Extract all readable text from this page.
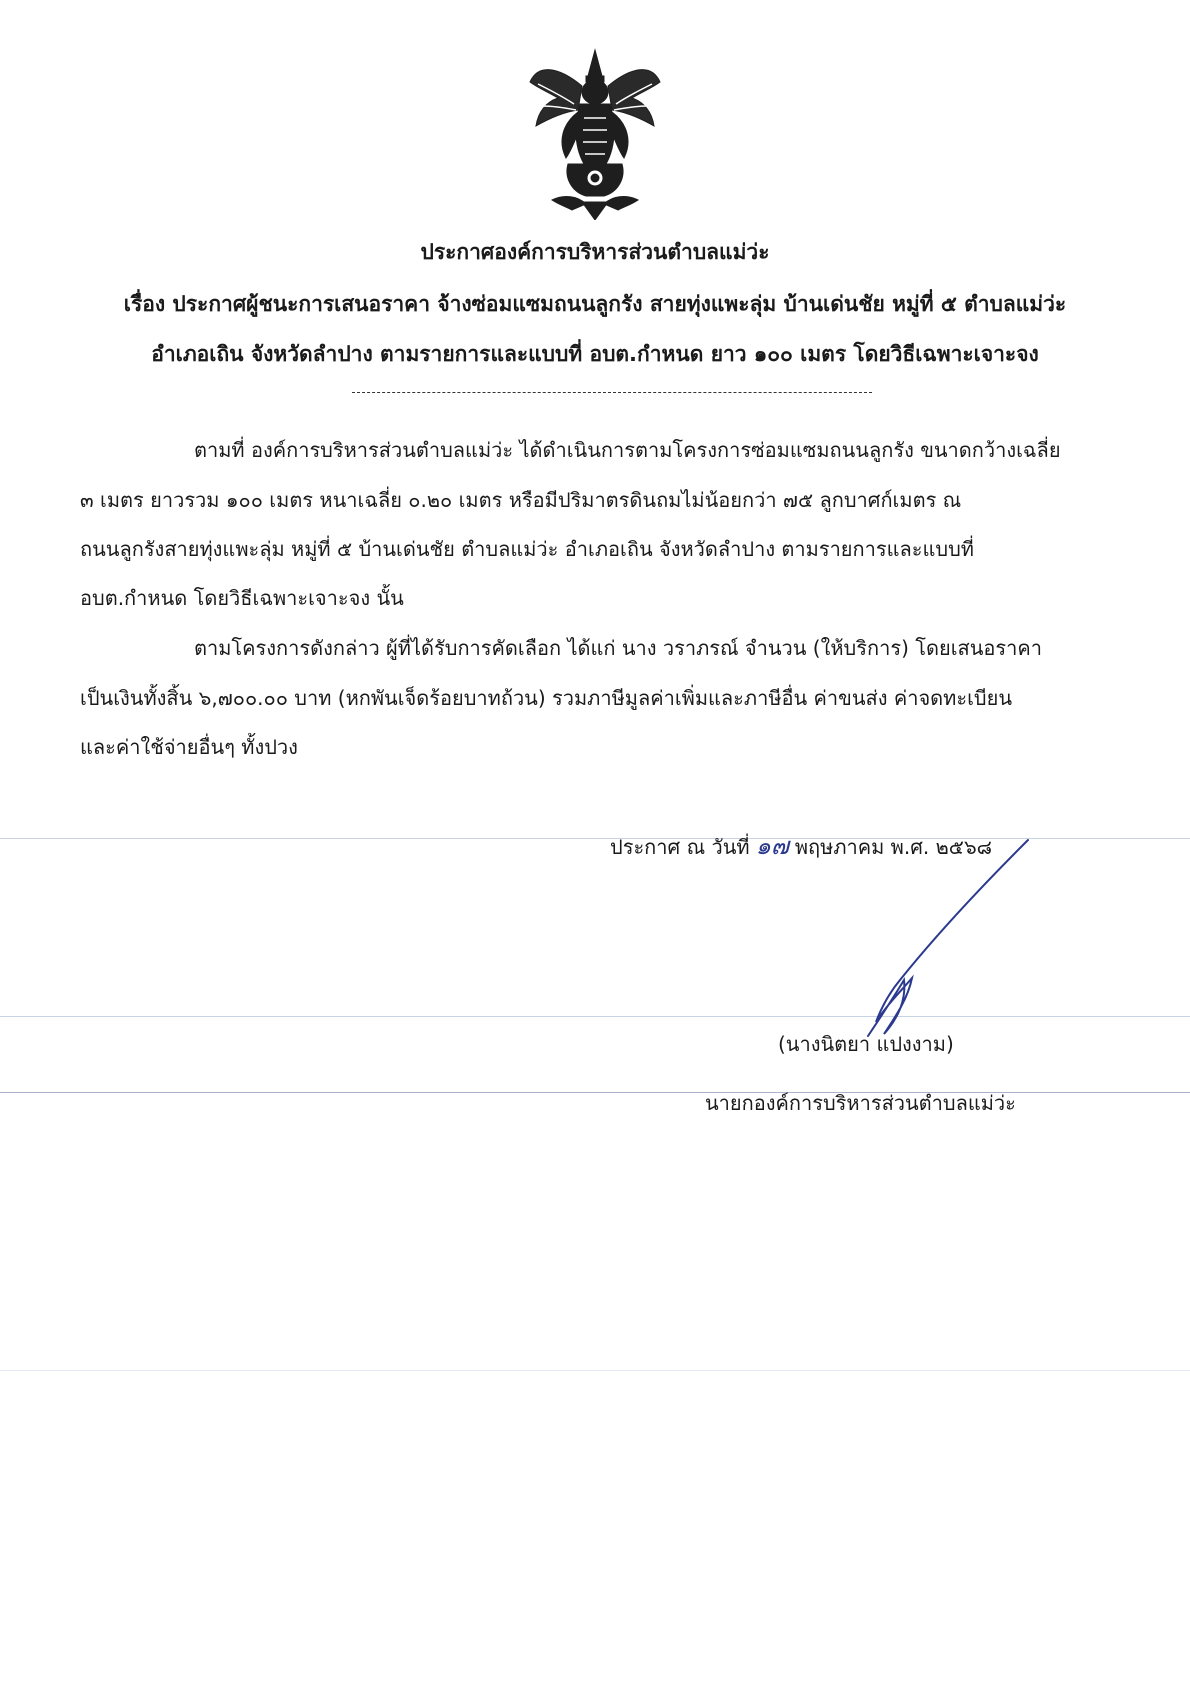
ประกาศองค์การบริหารส่วนตำบลแม่ว่ะ
เรื่อง ประกาศผู้ชนะการเสนอราคา จ้างซ่อมแซมถนนลูกรัง สายทุ่งแพะลุ่ม บ้านเด่นชัย หมู่ที่ ๕ ตำบลแม่ว่ะ
อำเภอเถิน จังหวัดลำปาง ตามรายการและแบบที่ อบต.กำหนด ยาว ๑๐๐ เมตร โดยวิธีเฉพาะเจาะจง
ตามที่ องค์การบริหารส่วนตำบลแม่ว่ะ ได้ดำเนินการตามโครงการซ่อมแซมถนนลูกรัง ขนาดกว้างเฉลี่ย
๓ เมตร ยาวรวม ๑๐๐ เมตร หนาเฉลี่ย ๐.๒๐ เมตร หรือมีปริมาตรดินถมไม่น้อยกว่า ๗๕ ลูกบาศก์เมตร ณ
ถนนลูกรังสายทุ่งแพะลุ่ม หมู่ที่ ๕ บ้านเด่นชัย ตำบลแม่ว่ะ อำเภอเถิน จังหวัดลำปาง ตามรายการและแบบที่
อบต.กำหนด โดยวิธีเฉพาะเจาะจง นั้น
ตามโครงการดังกล่าว ผู้ที่ได้รับการคัดเลือก ได้แก่ นาง วราภรณ์ จำนวน (ให้บริการ) โดยเสนอราคา
เป็นเงินทั้งสิ้น ๖,๗๐๐.๐๐ บาท (หกพันเจ็ดร้อยบาทถ้วน) รวมภาษีมูลค่าเพิ่มและภาษีอื่น ค่าขนส่ง ค่าจดทะเบียน
และค่าใช้จ่ายอื่นๆ ทั้งปวง
ประกาศ ณ วันที่ ๑๗ พฤษภาคม พ.ศ. ๒๕๖๘
(นางนิตยา แปงงาม)
นายกองค์การบริหารส่วนตำบลแม่ว่ะ
